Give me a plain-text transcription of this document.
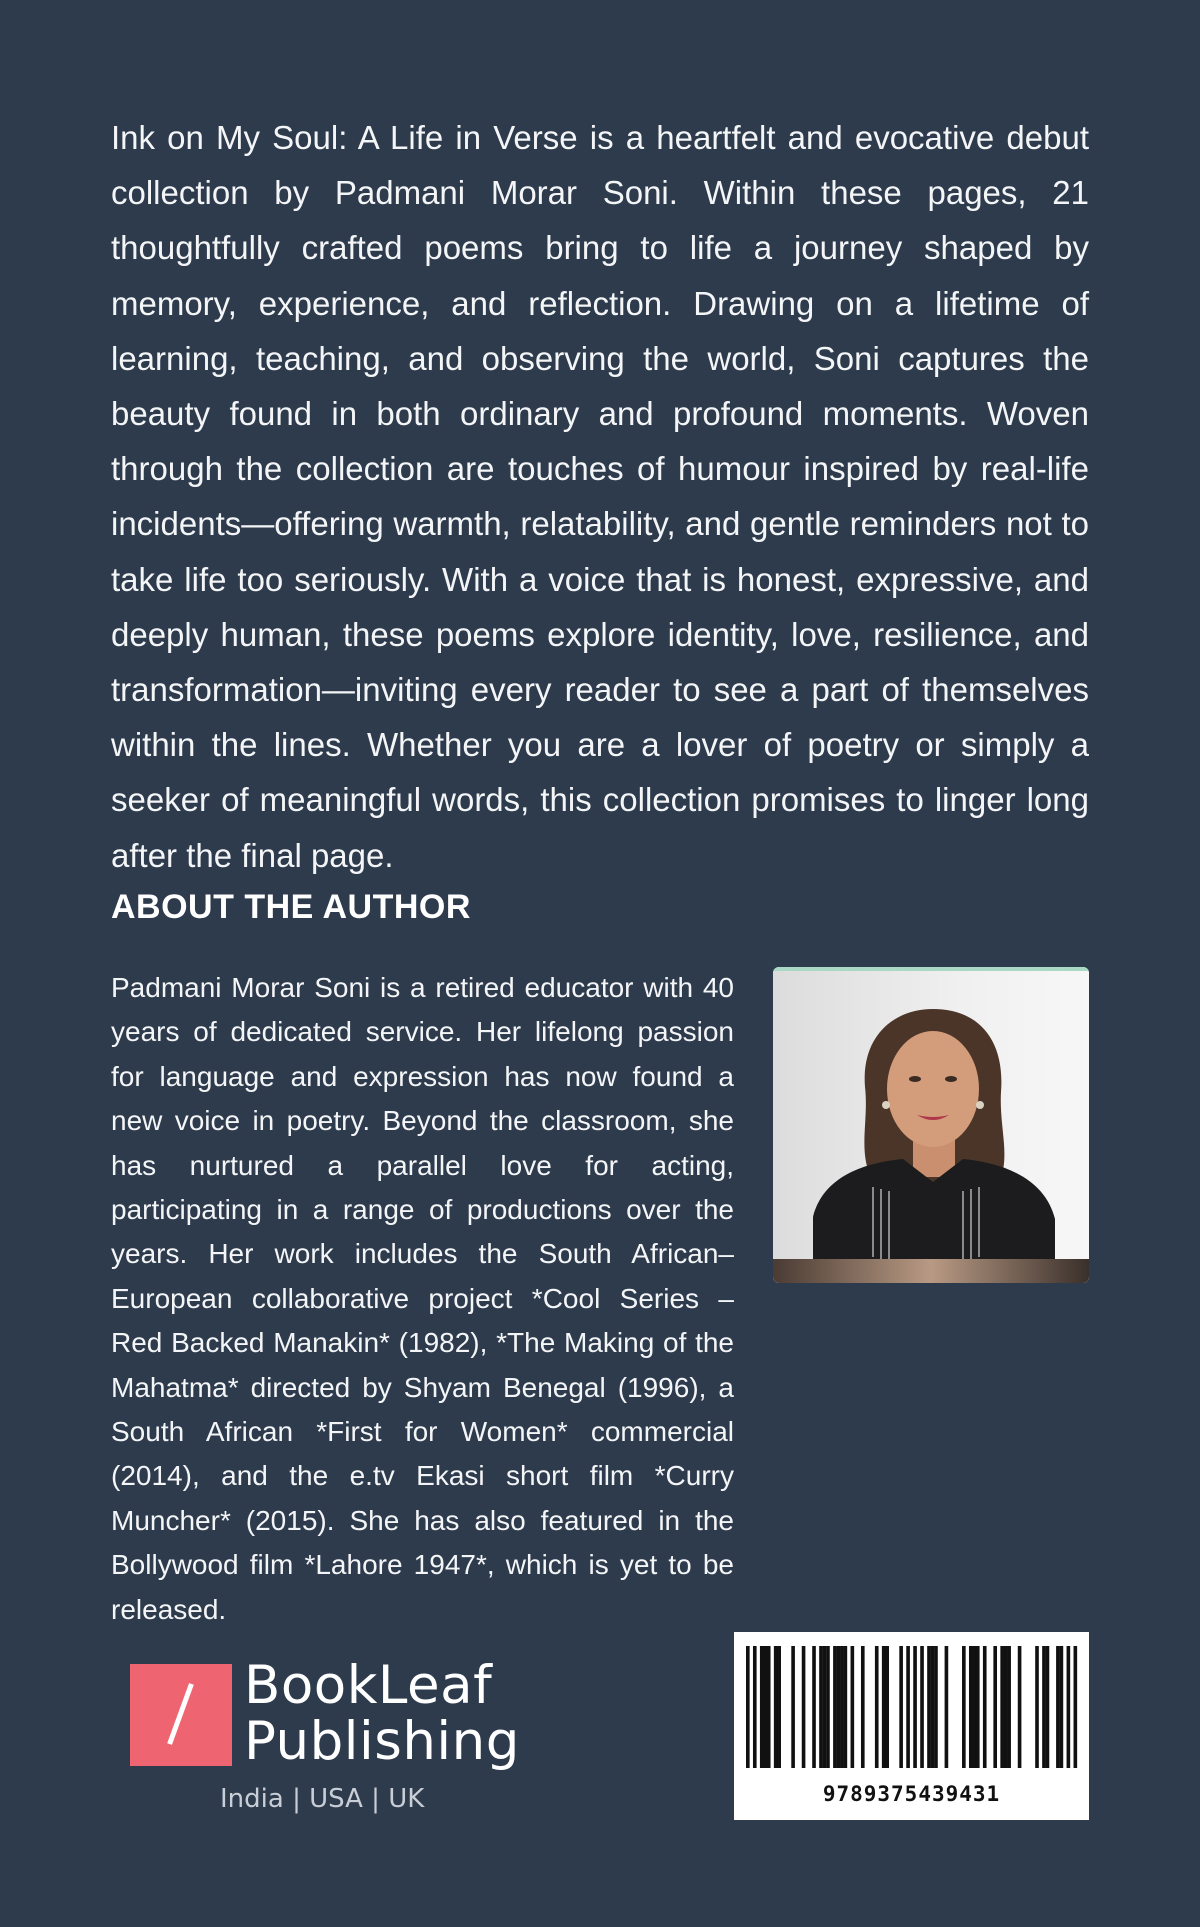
Ink on My Soul: A Life in Verse is a heartfelt and evocative debut collection by Padmani Morar Soni. Within these pages, 21 thoughtfully crafted poems bring to life a journey shaped by memory, experience, and reflection. Drawing on a lifetime of learning, teaching, and observing the world, Soni captures the beauty found in both ordinary and profound moments. Woven through the collection are touches of humour inspired by real-life incidents—offering warmth, relatability, and gentle reminders not to take life too seriously. With a voice that is honest, expressive, and deeply human, these poems explore identity, love, resilience, and transformation—inviting every reader to see a part of themselves within the lines. Whether you are a lover of poetry or simply a seeker of meaningful words, this collection promises to linger long after the final page.

ABOUT THE AUTHOR

Padmani Morar Soni is a retired educator with 40 years of dedicated service. Her lifelong passion for language and expression has now found a new voice in poetry. Beyond the classroom, she has nurtured a parallel love for acting, participating in a range of productions over the years. Her work includes the South African–European collaborative project *Cool Series – Red Backed Manakin* (1982), *The Making of the Mahatma* directed by Shyam Benegal (1996), a South African *First for Women* commercial (2014), and the e.tv Ekasi short film *Curry Muncher* (2015). She has also featured in the Bollywood film *Lahore 1947*, which is yet to be released.

BookLeaf
Publishing
India | USA | UK	9789375439431
